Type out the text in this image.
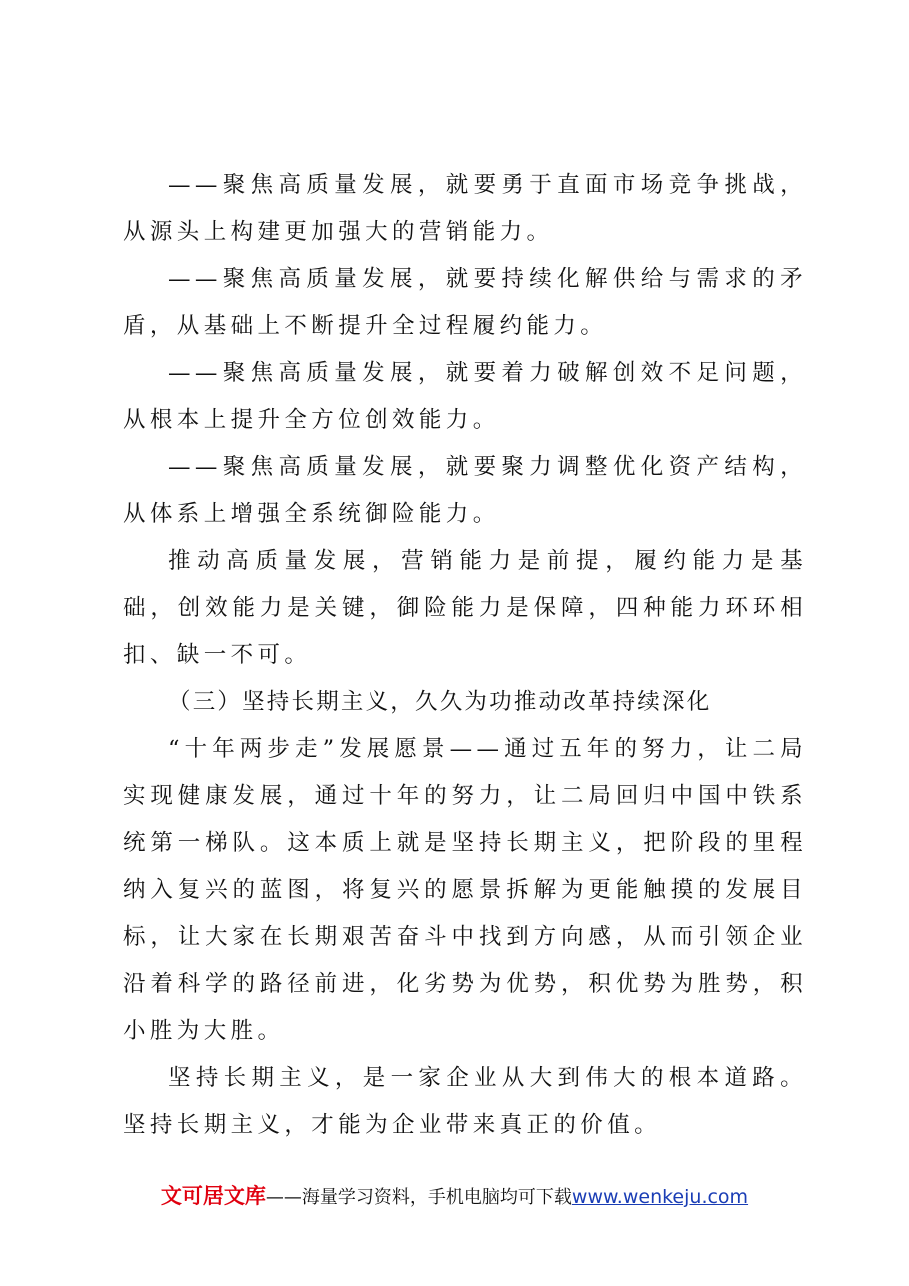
——聚焦高质量发展，就要勇于直面市场竞争挑战，从源头上构建更加强大的营销能力。

——聚焦高质量发展，就要持续化解供给与需求的矛盾，从基础上不断提升全过程履约能力。

——聚焦高质量发展，就要着力破解创效不足问题，从根本上提升全方位创效能力。

——聚焦高质量发展，就要聚力调整优化资产结构，从体系上增强全系统御险能力。

推动高质量发展，营销能力是前提，履约能力是基础，创效能力是关键，御险能力是保障，四种能力环环相扣、缺一不可。

（三）坚持长期主义，久久为功推动改革持续深化

“十年两步走”发展愿景——通过五年的努力，让二局实现健康发展，通过十年的努力，让二局回归中国中铁系统第一梯队。这本质上就是坚持长期主义，把阶段的里程纳入复兴的蓝图，将复兴的愿景拆解为更能触摸的发展目标，让大家在长期艰苦奋斗中找到方向感，从而引领企业沿着科学的路径前进，化劣势为优势，积优势为胜势，积小胜为大胜。

坚持长期主义，是一家企业从大到伟大的根本道路。坚持长期主义，才能为企业带来真正的价值。

文可居文库——海量学习资料，手机电脑均可下载www.wenkeju.com
